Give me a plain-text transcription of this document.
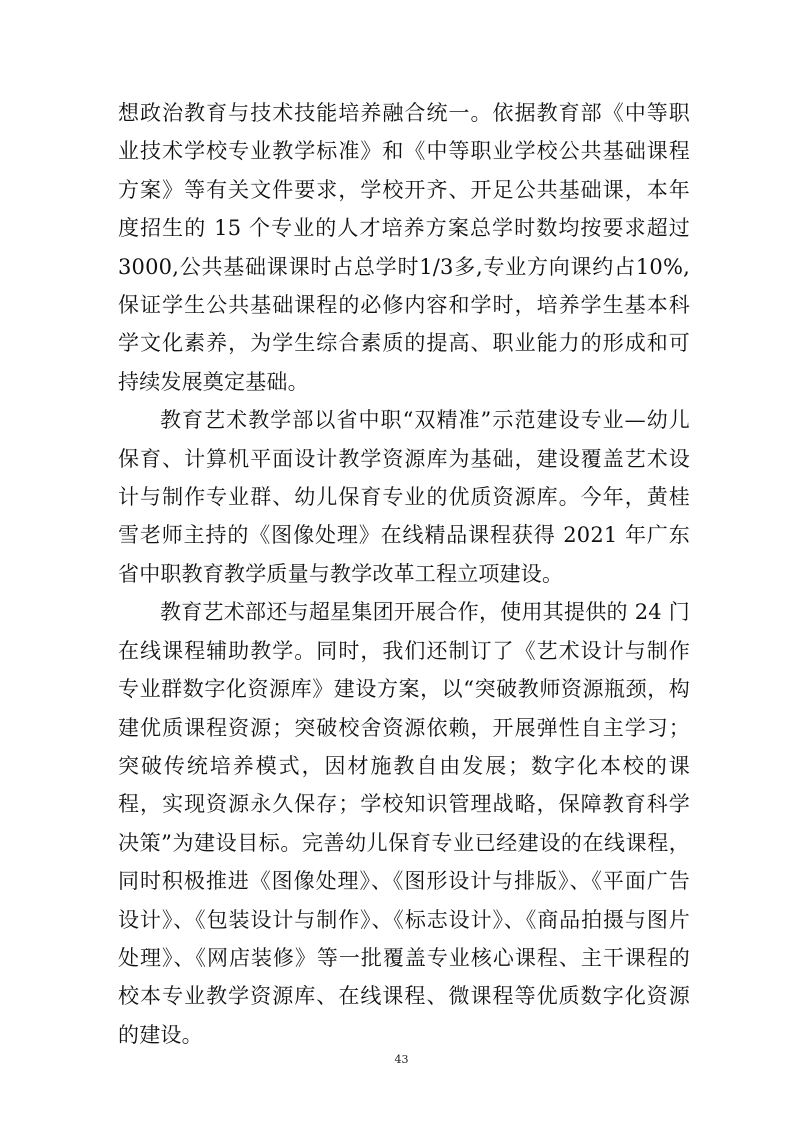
想政治教育与技术技能培养融合统一。依据教育部《中等职业技术学校专业教学标准》和《中等职业学校公共基础课程方案》等有关文件要求，学校开齐、开足公共基础课，本年度招生的 15 个专业的人才培养方案总学时数均按要求超过 3000,公共基础课课时占总学时1/3多,专业方向课约占10%,保证学生公共基础课程的必修内容和学时，培养学生基本科学文化素养，为学生综合素质的提高、职业能力的形成和可持续发展奠定基础。

教育艺术教学部以省中职“双精准”示范建设专业—幼儿保育、计算机平面设计教学资源库为基础，建设覆盖艺术设计与制作专业群、幼儿保育专业的优质资源库。今年，黄桂雪老师主持的《图像处理》在线精品课程获得 2021 年广东省中职教育教学质量与教学改革工程立项建设。

教育艺术部还与超星集团开展合作，使用其提供的 24 门在线课程辅助教学。同时，我们还制订了《艺术设计与制作专业群数字化资源库》建设方案，以“突破教师资源瓶颈，构建优质课程资源；突破校舍资源依赖，开展弹性自主学习；突破传统培养模式，因材施教自由发展；数字化本校的课程，实现资源永久保存；学校知识管理战略，保障教育科学决策”为建设目标。完善幼儿保育专业已经建设的在线课程，同时积极推进《图像处理》、《图形设计与排版》、《平面广告设计》、《包装设计与制作》、《标志设计》、《商品拍摄与图片处理》、《网店装修》等一批覆盖专业核心课程、主干课程的校本专业教学资源库、在线课程、微课程等优质数字化资源的建设。

43
